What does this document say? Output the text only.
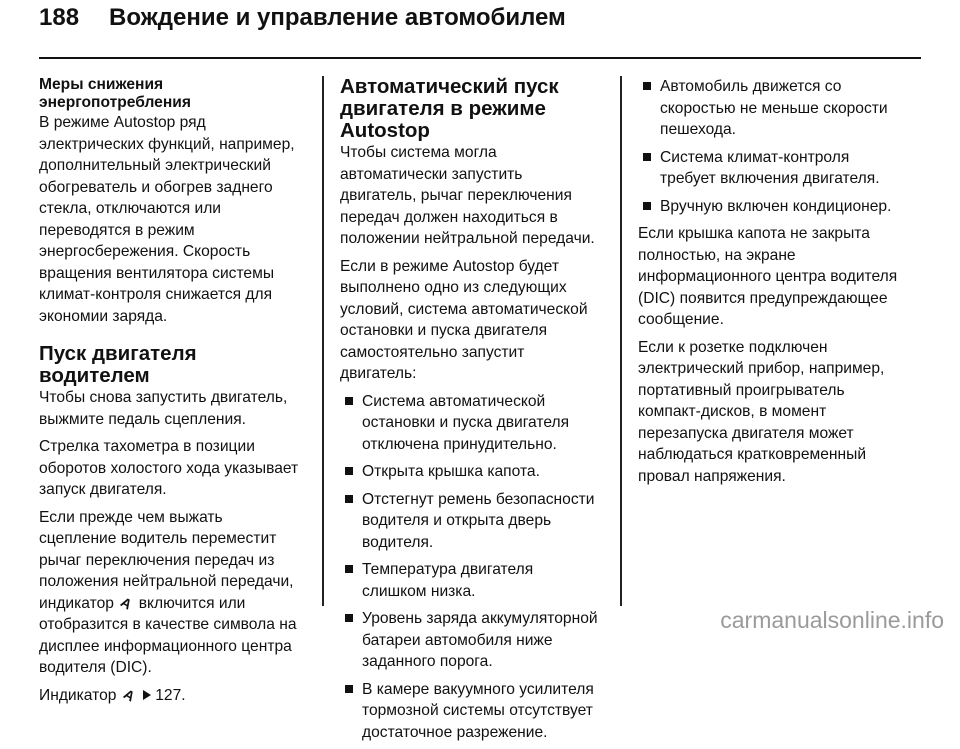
188 Вождение и управление автомобилем
Меры снижения
энергопотребления

В режиме Autostop ряд электрических функций, например, дополнительный электрический обогреватель и обогрев заднего стекла, отключаются или переводятся в режим энергосбережения. Скорость вращения вентилятора системы климат-контроля снижается для экономии заряда.

Пуск двигателя водителем

Чтобы снова запустить двигатель, выжмите педаль сцепления.

Стрелка тахометра в позиции оборотов холостого хода указывает запуск двигателя.

Если прежде чем выжать сцепление водитель переместит рычаг переключения передач из положения нейтральной передачи, индикатор A включится или отобразится в качестве символа на дисплее информационного центра водителя (DIC).

Индикатор A 127.

Автоматический пуск двигателя в режиме Autostop

Чтобы система могла автоматически запустить двигатель, рычаг переключения передач должен находиться в положении нейтральной передачи.

Если в режиме Autostop будет выполнено одно из следующих условий, система автоматической остановки и пуска двигателя самостоятельно запустит двигатель:

Система автоматической остановки и пуска двигателя отключена принудительно.
Открыта крышка капота.
Отстегнут ремень безопасности водителя и открыта дверь водителя.
Температура двигателя слишком низка.
Уровень заряда аккумуляторной батареи автомобиля ниже заданного порога.
В камере вакуумного усилителя тормозной системы отсутствует достаточное разрежение.
Автомобиль движется со скоростью не меньше скорости пешехода.
Система климат-контроля требует включения двигателя.
Вручную включен кондиционер.

Если крышка капота не закрыта полностью, на экране информационного центра водителя (DIC) появится предупреждающее сообщение.

Если к розетке подключен электрический прибор, например, портативный проигрыватель компакт-дисков, в момент перезапуска двигателя может наблюдаться кратковременный провал напряжения.

carmanualsonline.info
